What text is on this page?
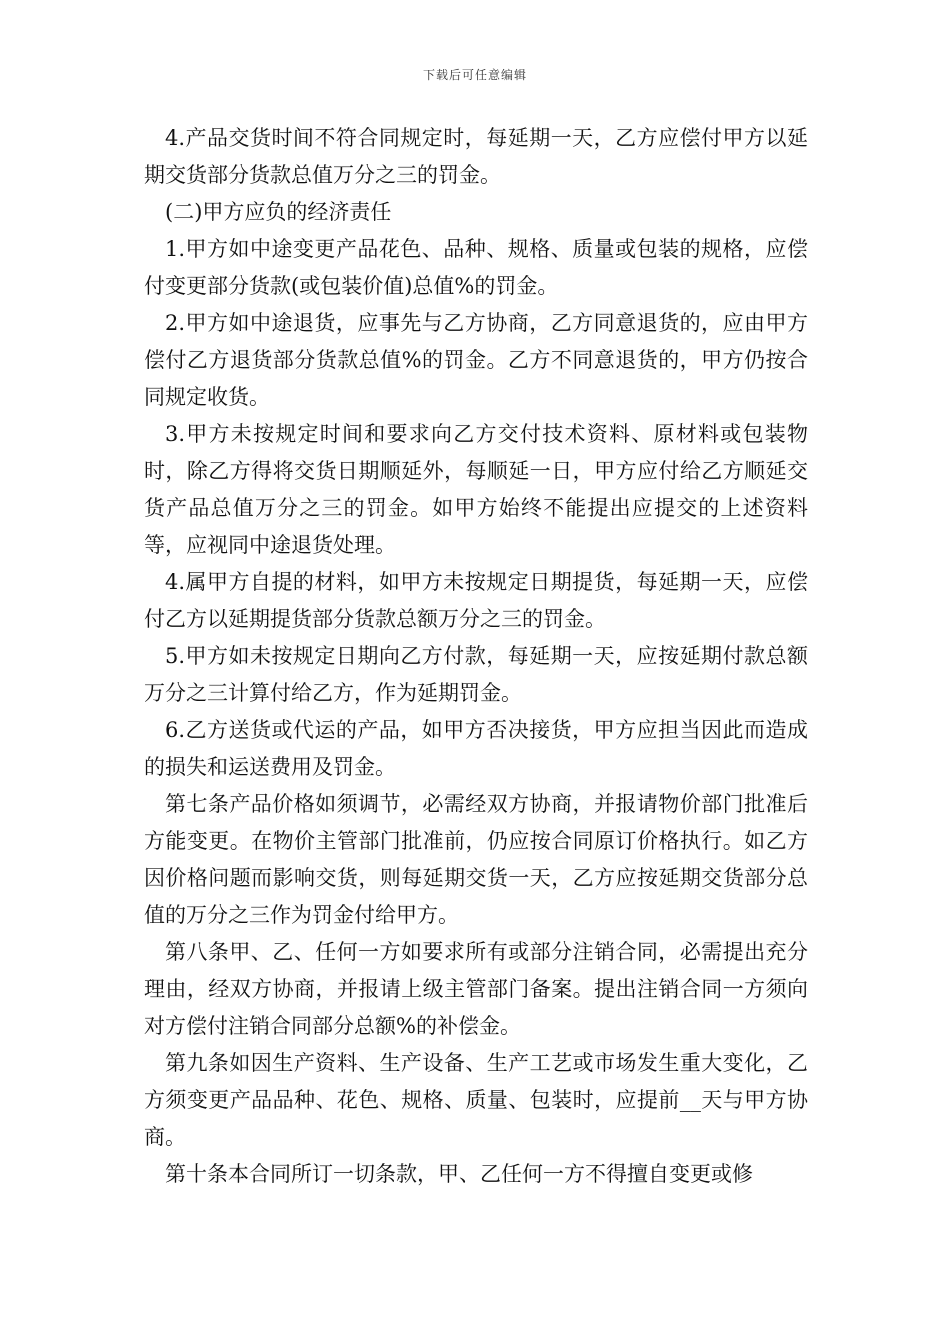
下载后可任意编辑

4.产品交货时间不符合同规定时，每延期一天，乙方应偿付甲方以延期交货部分货款总值万分之三的罚金。

(二)甲方应负的经济责任

1.甲方如中途变更产品花色、品种、规格、质量或包装的规格，应偿付变更部分货款(或包装价值)总值%的罚金。

2.甲方如中途退货，应事先与乙方协商，乙方同意退货的，应由甲方偿付乙方退货部分货款总值%的罚金。乙方不同意退货的，甲方仍按合同规定收货。

3.甲方未按规定时间和要求向乙方交付技术资料、原材料或包装物时，除乙方得将交货日期顺延外，每顺延一日，甲方应付给乙方顺延交货产品总值万分之三的罚金。如甲方始终不能提出应提交的上述资料等，应视同中途退货处理。

4.属甲方自提的材料，如甲方未按规定日期提货，每延期一天，应偿付乙方以延期提货部分货款总额万分之三的罚金。

5.甲方如未按规定日期向乙方付款，每延期一天，应按延期付款总额万分之三计算付给乙方，作为延期罚金。

6.乙方送货或代运的产品，如甲方否决接货，甲方应担当因此而造成的损失和运送费用及罚金。

第七条产品价格如须调节，必需经双方协商，并报请物价部门批准后方能变更。在物价主管部门批准前，仍应按合同原订价格执行。如乙方因价格问题而影响交货，则每延期交货一天，乙方应按延期交货部分总值的万分之三作为罚金付给甲方。

第八条甲、乙、任何一方如要求所有或部分注销合同，必需提出充分理由，经双方协商，并报请上级主管部门备案。提出注销合同一方须向对方偿付注销合同部分总额%的补偿金。

第九条如因生产资料、生产设备、生产工艺或市场发生重大变化，乙方须变更产品品种、花色、规格、质量、包装时，应提前__天与甲方协商。

第十条本合同所订一切条款，甲、乙任何一方不得擅自变更或修
